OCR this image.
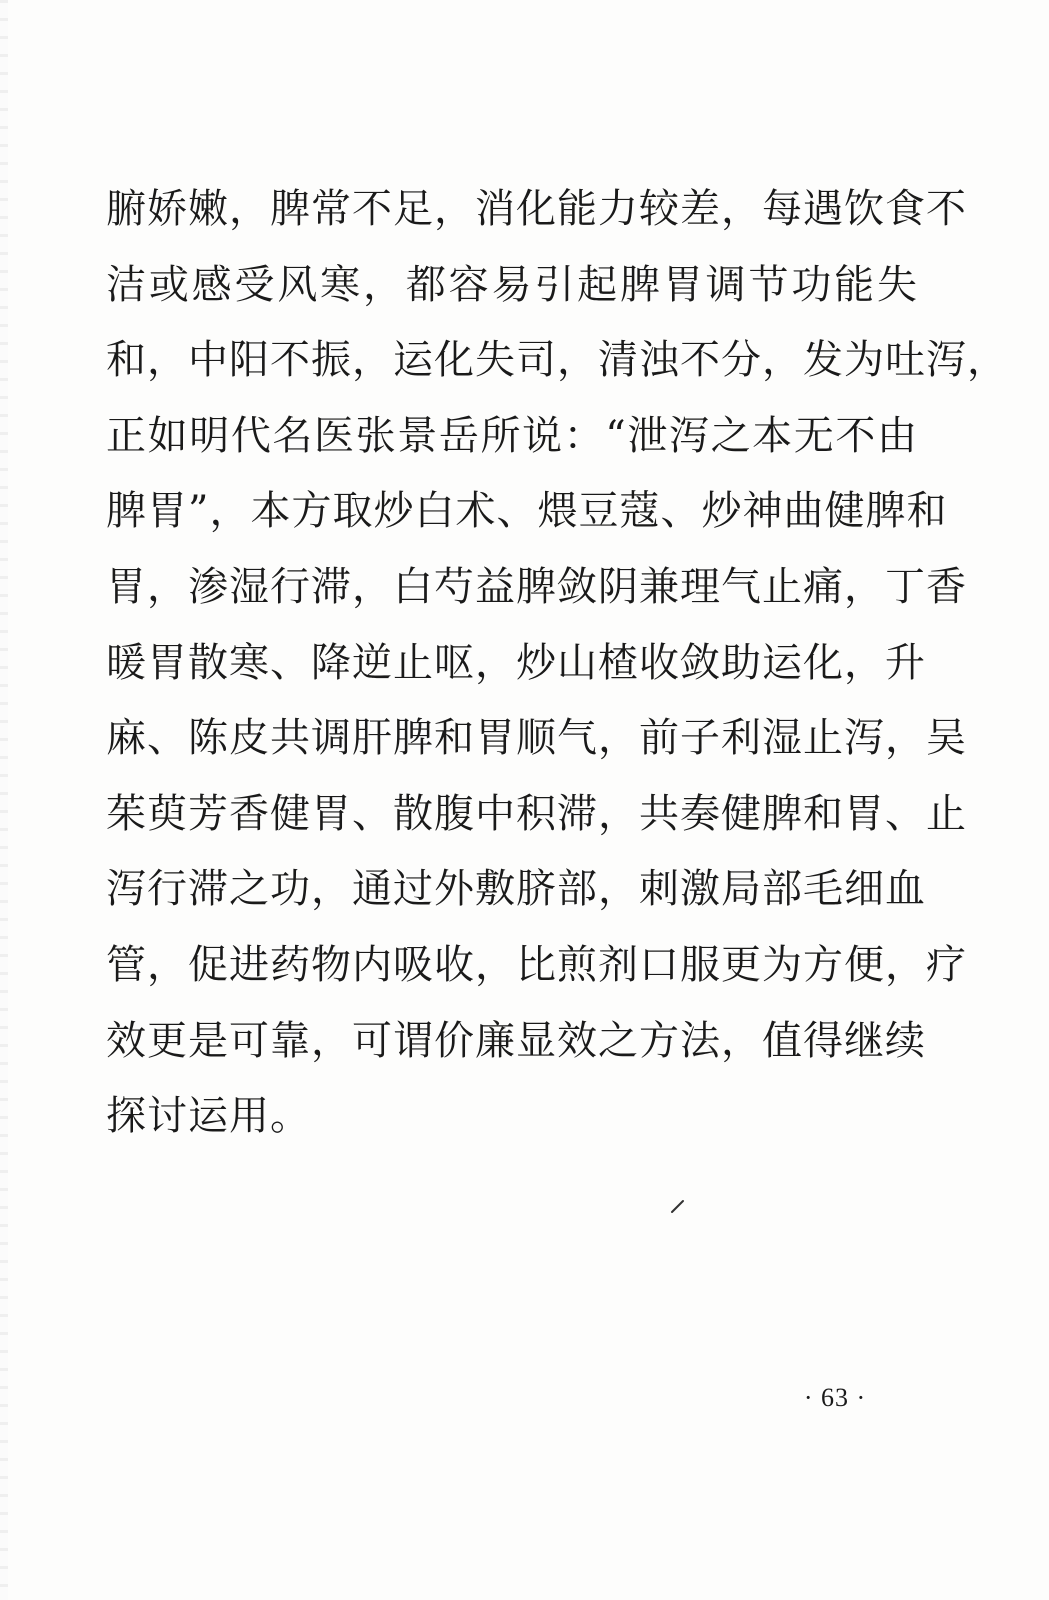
腑娇嫩，脾常不足，消化能力较差，每遇饮食不
洁或感受风寒，都容易引起脾胃调节功能失
和，中阳不振，运化失司，清浊不分，发为吐泻，
正如明代名医张景岳所说：“泄泻之本无不由
脾胃”，本方取炒白术、煨豆蔻、炒神曲健脾和
胃，渗湿行滞，白芍益脾敛阴兼理气止痛，丁香
暖胃散寒、降逆止呕，炒山楂收敛助运化，升
麻、陈皮共调肝脾和胃顺气，前子利湿止泻，吴
茱萸芳香健胃、散腹中积滞，共奏健脾和胃、止
泻行滞之功，通过外敷脐部，刺激局部毛细血
管，促进药物内吸收，比煎剂口服更为方便，疗
效更是可靠，可谓价廉显效之方法，值得继续
探讨运用。
· 63 ·
